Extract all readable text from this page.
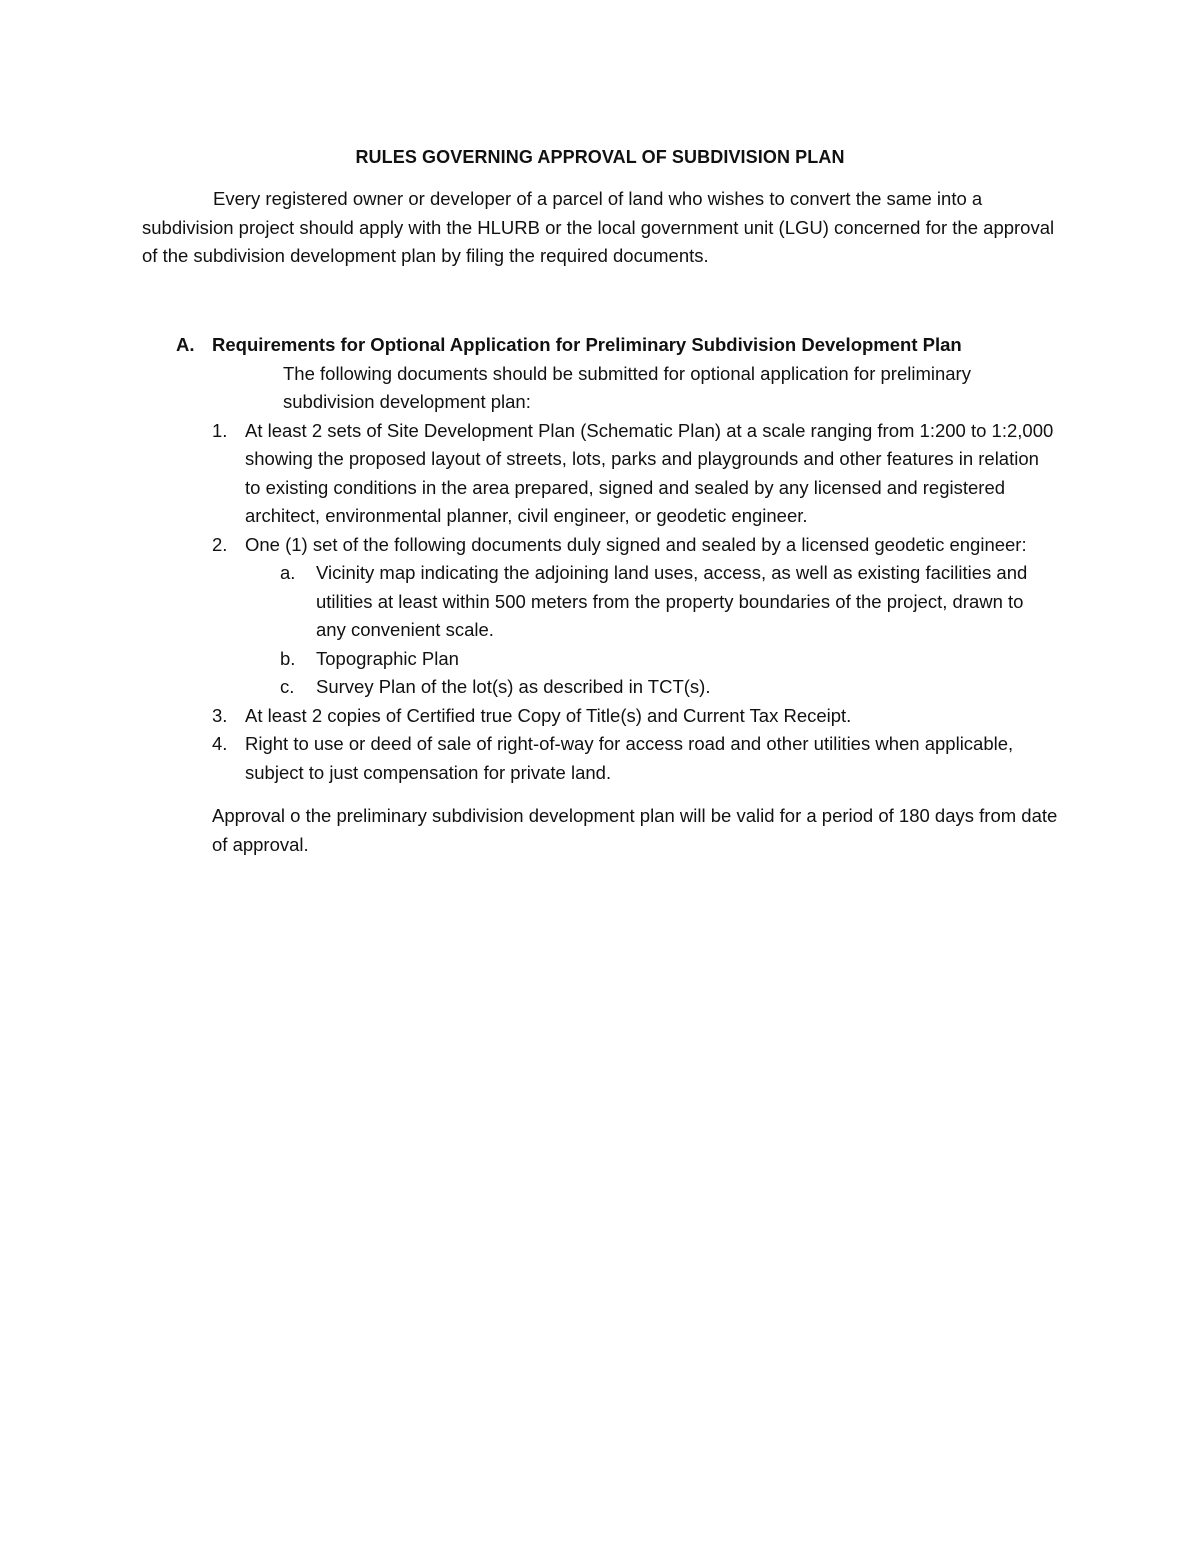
RULES GOVERNING APPROVAL OF SUBDIVISION PLAN

Every registered owner or developer of a parcel of land who wishes to convert the same into a subdivision project should apply with the HLURB or the local government unit (LGU) concerned for the approval of the subdivision development plan by filing the required documents.

A. Requirements for Optional Application for Preliminary Subdivision Development Plan
The following documents should be submitted for optional application for preliminary subdivision development plan:
1. At least 2 sets of Site Development Plan (Schematic Plan) at a scale ranging from 1:200 to 1:2,000 showing the proposed layout of streets, lots, parks and playgrounds and other features in relation to existing conditions in the area prepared, signed and sealed by any licensed and registered architect, environmental planner, civil engineer, or geodetic engineer.
2. One (1) set of the following documents duly signed and sealed by a licensed geodetic engineer:
a. Vicinity map indicating the adjoining land uses, access, as well as existing facilities and utilities at least within 500 meters from the property boundaries of the project, drawn to any convenient scale.
b. Topographic Plan
c. Survey Plan of the lot(s) as described in TCT(s).
3. At least 2 copies of Certified true Copy of Title(s) and Current Tax Receipt.
4. Right to use or deed of sale of right-of-way for access road and other utilities when applicable, subject to just compensation for private land.

Approval o the preliminary subdivision development plan will be valid for a period of 180 days from date of approval.
